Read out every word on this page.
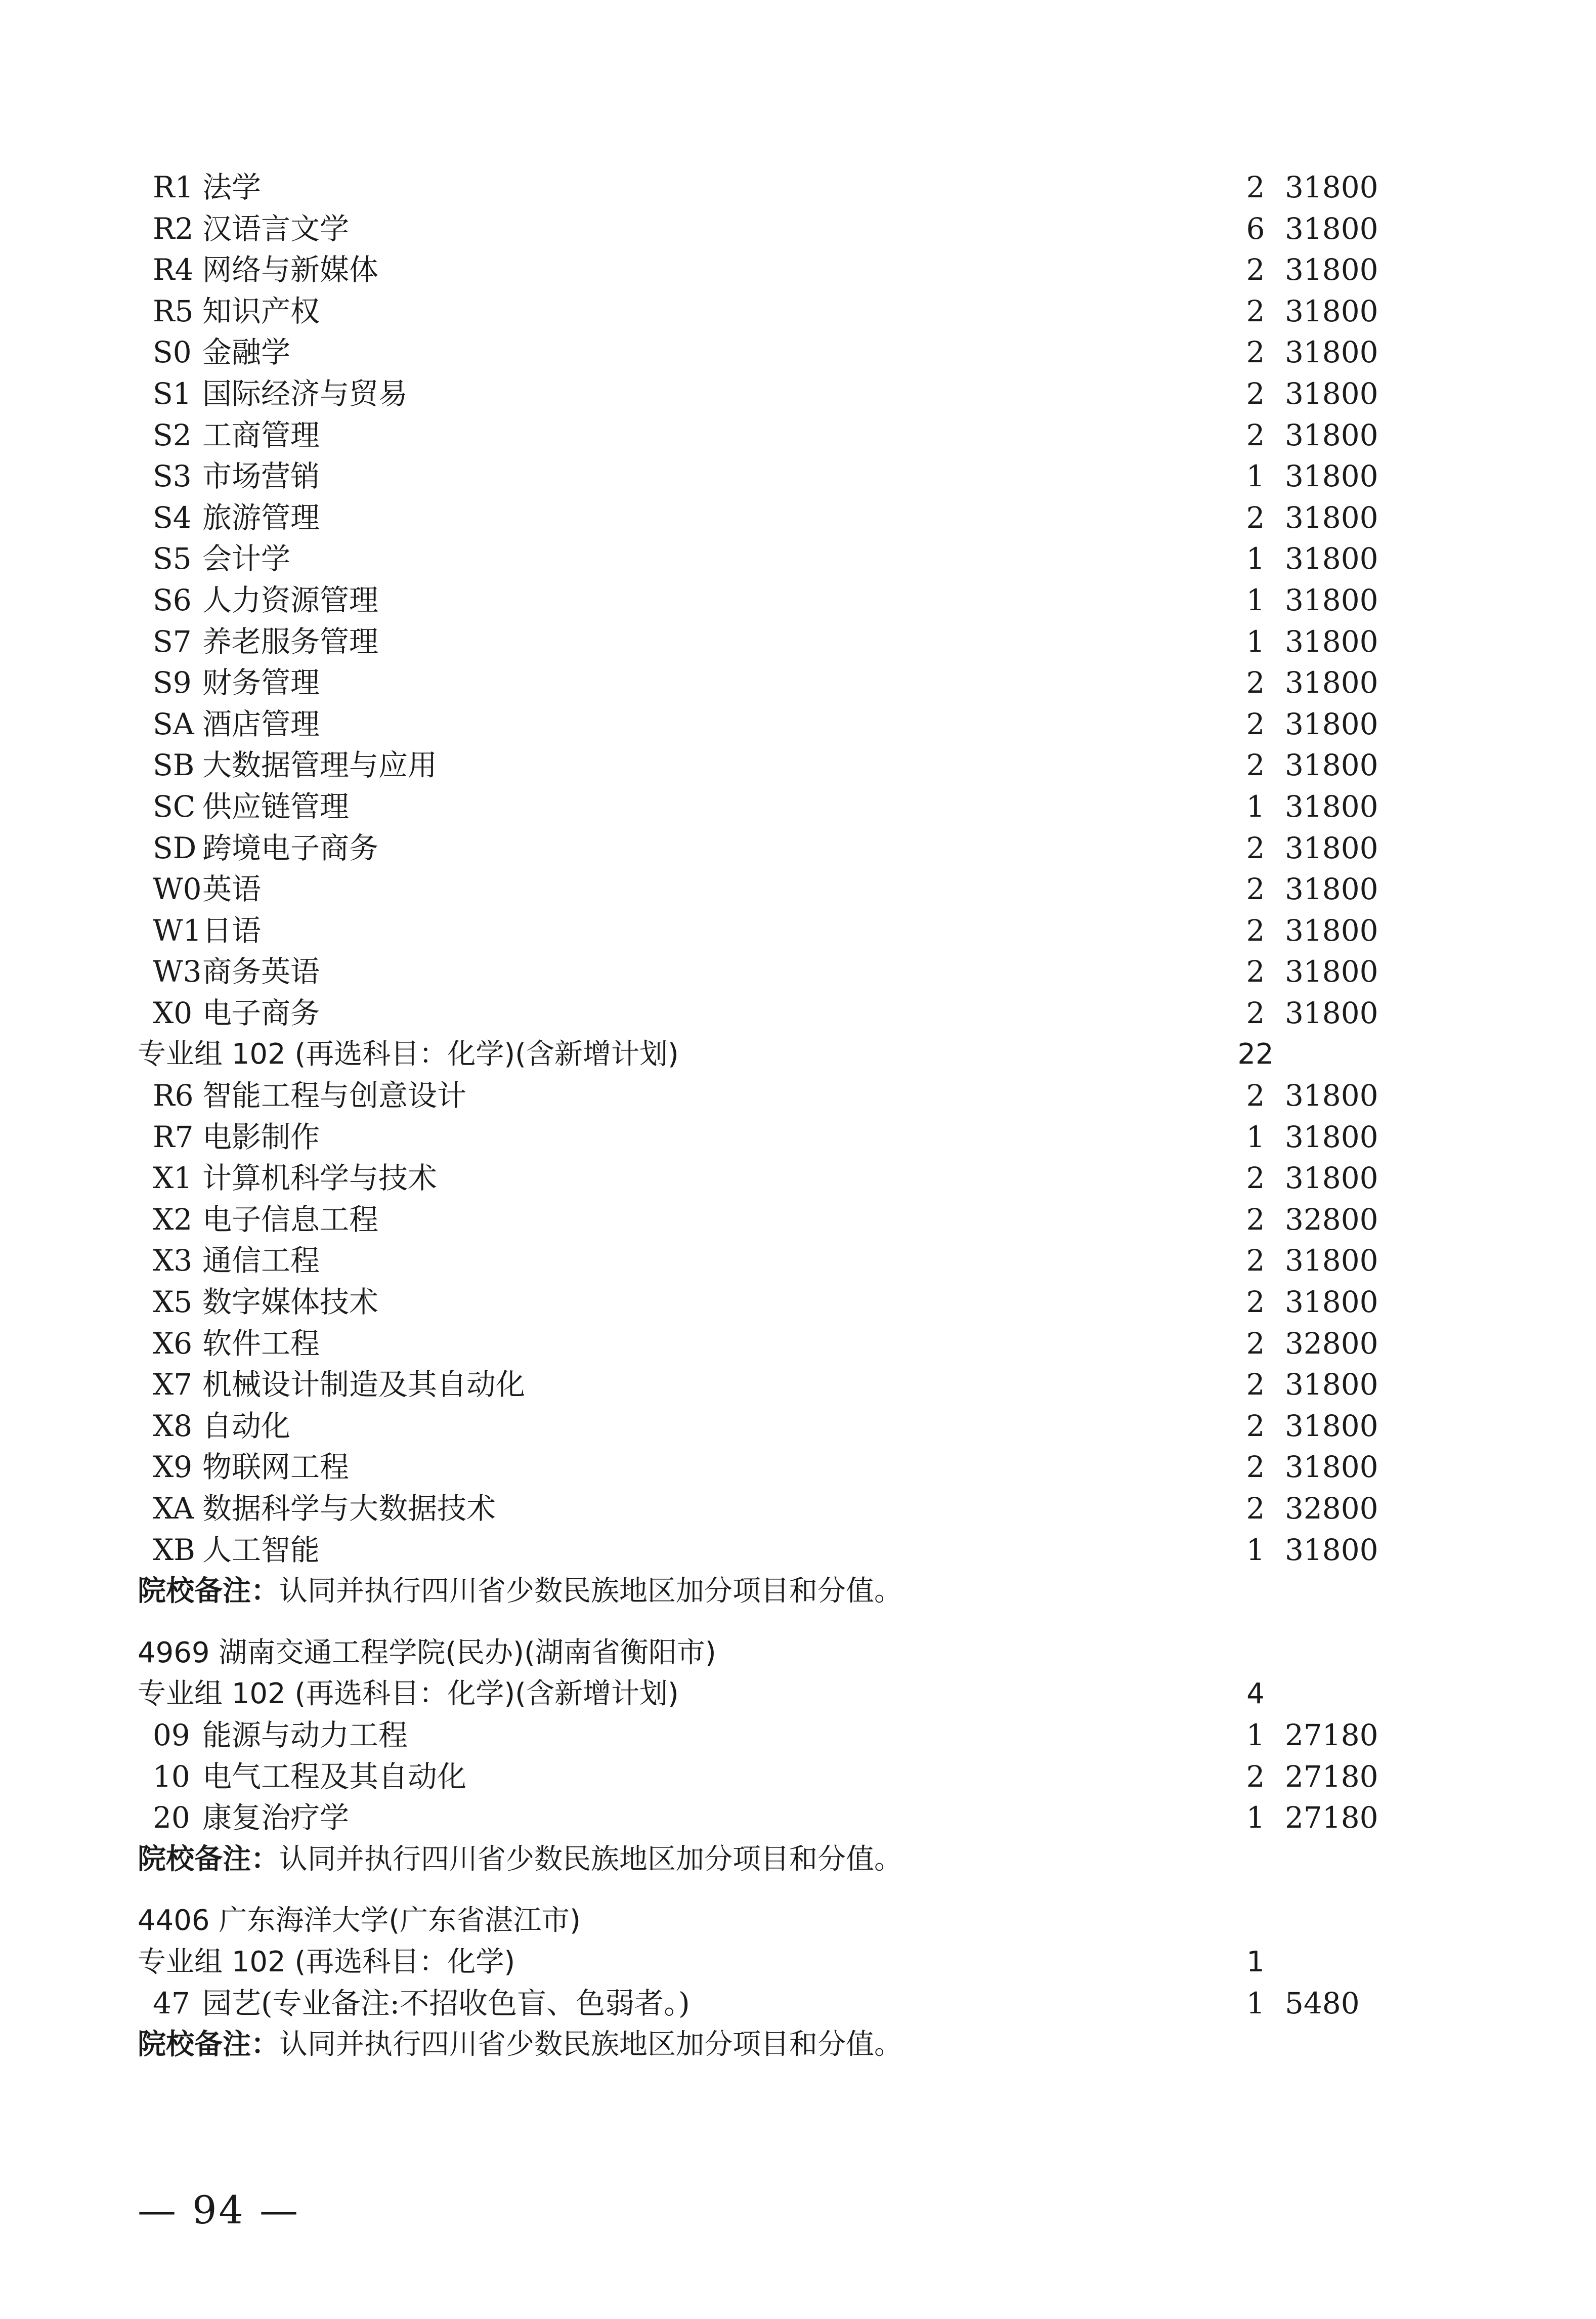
R1 法学	2 31800
R2 汉语言文学	6 31800
R4 网络与新媒体	2 31800
R5 知识产权	2 31800
S0 金融学	2 31800
S1 国际经济与贸易	2 31800
S2 工商管理	2 31800
S3 市场营销	1 31800
S4 旅游管理	2 31800
S5 会计学	1 31800
S6 人力资源管理	1 31800
S7 养老服务管理	1 31800
S9 财务管理	2 31800
SA 酒店管理	2 31800
SB 大数据管理与应用	2 31800
SC 供应链管理	1 31800
SD 跨境电子商务	2 31800
W0 英语	2 31800
W1 日语	2 31800
W3 商务英语	2 31800
X0 电子商务	2 31800
专业组 102 (再选科目：化学)(含新增计划)	22
R6 智能工程与创意设计	2 31800
R7 电影制作	1 31800
X1 计算机科学与技术	2 31800
X2 电子信息工程	2 32800
X3 通信工程	2 31800
X5 数字媒体技术	2 31800
X6 软件工程	2 32800
X7 机械设计制造及其自动化	2 31800
X8 自动化	2 31800
X9 物联网工程	2 31800
XA 数据科学与大数据技术	2 32800
XB 人工智能	1 31800
院校备注：认同并执行四川省少数民族地区加分项目和分值。
4969 湖南交通工程学院(民办)(湖南省衡阳市)
专业组 102 (再选科目：化学)(含新增计划)	4
09 能源与动力工程	1 27180
10 电气工程及其自动化	2 27180
20 康复治疗学	1 27180
院校备注：认同并执行四川省少数民族地区加分项目和分值。
4406 广东海洋大学(广东省湛江市)
专业组 102 (再选科目：化学)	1
47 园艺(专业备注:不招收色盲、色弱者。)	1 5480
院校备注：认同并执行四川省少数民族地区加分项目和分值。
— 94 —
